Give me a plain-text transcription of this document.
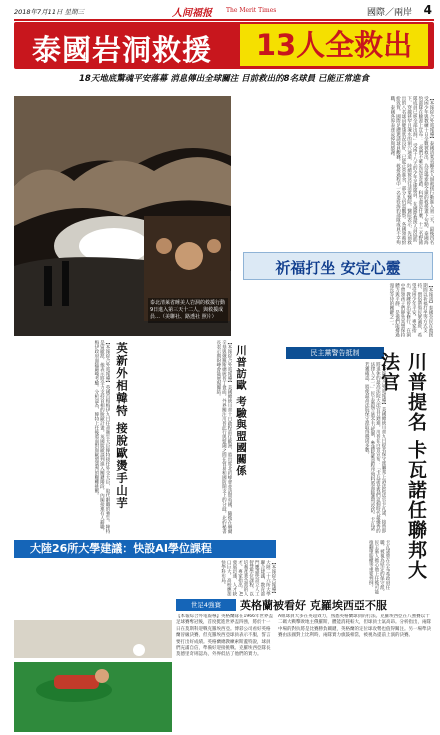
2018年7月11日 星期三	人间福报 The Merit Times	國際／兩岸 4
泰國岩洞救援	13人全救出
18天地底驚魂平安落幕 消息傳出全球關注 目前救出的8名球員 已能正常進食
泰北清萊省睡美人岩洞的救援行動9日進入第三天十二人，與救援成員…（美聯社、路透社 照片）
【本報綜合外電報導】泰國清萊省睡美人洞救援行動進入第三天，最後四名受困少年與教練十日全數被救出，為這場牽動全球的救援畫下句點。泰國海豹部隊在臉書上宣布：「我們不確定這是奇蹟、科學還是什麼，十三名野豬隊成員已經全部出洞。」受困十八天的少年足球隊員，在國際救援人員協助下，穿越狹窄且淹水的洞穴通道，陸續被送往清萊醫院。醫院表示，先前救出的八名球員健康狀況良好，已能正常進食，部分人仍需觀察。各國領袖紛紛致賀，國際足總邀請球員觀賽。救援過程中一名退役海豹部隊成員不幸殉職，泰國各界表達哀悼與感謝。
祈福打坐 安定心靈
【本報訊】泰國全民在救援期間以祈福打坐等方式支持，僧侶帶領民眾誦經，希望受困少年平安。專家指出，教練曾出家修行，在洞中帶領孩子們靜坐冥想保持體力與平靜，是他們能撐過漫長等待的關鍵之一。
英新外相韓特 接脫歐燙手山芋
【本報綜合外電報導】英國首相梅伊九日任命衛生大臣韓特接任外交大臣，取代辭職的強生。韓特是留歐派，他表示將全力支持首相的脫歐計畫。英國脫歐談判進入關鍵階段，內閣接連有人辭職，梅伊政府面臨嚴峻考驗。分析認為，韓特上任後將面對與歐盟談判的艱難挑戰。	【本報綜合外電報導】美國總統川普十日啟程前往歐洲，將出席北約峰會並訪問英國，隨後在赫爾辛基與俄羅斯總統普丁會面。外界關注川普此行與盟國之間在貿易和國防開支上的分歧。北約秘書長表示期盼峰會能展現團結。	川普訪歐 考驗與盟國關係	民主黨警告抵制
【本報綜合外電報導】美國總統川普九日提名保守派聯邦上訴法院法官卡瓦諾，接替即將退休的最高法院大法官甘迺迪。川普在白宮宣布：「卡瓦諾是我們這個時代最優秀的法律人之一。」民主黨揚言將全力抵制，參議院確認程序預料將面臨激烈攻防。卡瓦諾若獲確認，將使最高法院保守派取得穩固多數。	川普提名 卡瓦諾任聯邦大法官
大陸26所大學建議：快設AI學位課程
【本報綜合報導】大陸二十六所大學聯合建議，教育部門應盡快設立人工智慧學位課程，以培養產業急需的人才。專家指出，AI發展迅速，人才缺口巨大，高校應加快學科布局。	卡瓦諾曾在小布希政府任職，被視為堅定的保守派。民主黨人擔心他上任後可能推翻墮胎權等重要判例。
世足4強賽	英格蘭被看好 克羅埃西亞不服
【本報綜合外電報導】英格蘭隊在1966年世界盃足球賽奪冠後，首度挺進世界盃四強，將於十一日在莫斯科迎戰克羅埃西亞。博彩公司看好英格蘭晉級決賽，但克羅埃西亞球員表示不服，誓言要打出好成績。英格蘭總教練索斯蓋特說，球員們充滿自信，準備好迎接挑戰。克羅埃西亞隊長莫德里奇則認為，外界低估了他們的實力。
A組球員大多在英超效力，熟悉英格蘭球員的打法。克羅埃西亞在八強賽以十二碼大戰擊敗地主俄羅斯，體能消耗較大，但球員士氣高昂。分析指出，兩隊中場的對抗將是比賽勝負關鍵，英格蘭的定位球攻勢也值得關注。另一場準決賽由法國對上比利時，兩隊實力旗鼓相當，被視為提前上演的決賽。
